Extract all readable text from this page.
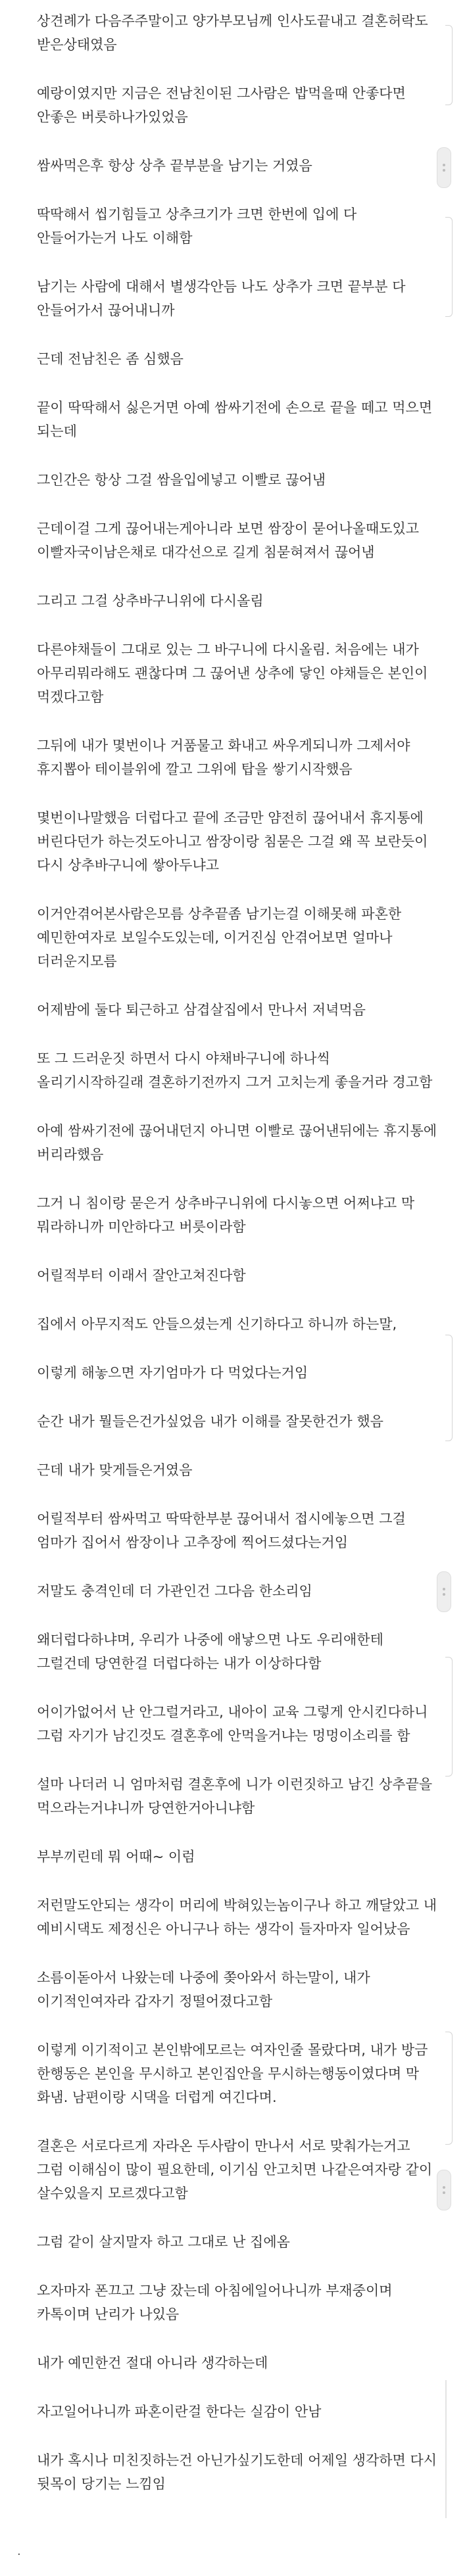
상견례가 다음주주말이고 양가부모님께 인사도끝내고 결혼허락도 받은상태였음

예랑이였지만 지금은 전남친이된 그사람은 밥먹을때 안좋다면 안좋은 버릇하나가있었음

쌈싸먹은후 항상 상추 끝부분을 남기는 거였음

딱딱해서 씹기힘들고 상추크기가 크면 한번에 입에 다 안들어가는거 나도 이해함

남기는 사람에 대해서 별생각안듬 나도 상추가 크면 끝부분 다 안들어가서 끊어내니까

근데 전남친은 좀 심했음

끝이 딱딱해서 싫은거면 아예 쌈싸기전에 손으로 끝을 떼고 먹으면 되는데

그인간은 항상 그걸 쌈을입에넣고 이빨로 끊어냄

근데이걸 그게 끊어내는게아니라 보면 쌈장이 묻어나올때도있고 이빨자국이남은채로 대각선으로 길게 침묻혀져서 끊어냄

그리고 그걸 상추바구니위에 다시올림

다른야채들이 그대로 있는 그 바구니에 다시올림. 처음에는 내가 아무리뭐라해도 괜찮다며 그 끊어낸 상추에 닿인 야채들은 본인이 먹겠다고함

그뒤에 내가 몇번이나 거품물고 화내고 싸우게되니까 그제서야 휴지뽑아 테이블위에 깔고 그위에 탑을 쌓기시작했음

몇번이나말했음 더럽다고 끝에 조금만 얌전히 끊어내서 휴지통에 버린다던가 하는것도아니고 쌈장이랑 침묻은 그걸 왜 꼭 보란듯이 다시 상추바구니에 쌓아두냐고

이거안겪어본사람은모름 상추끝좀 남기는걸 이해못해 파혼한 예민한여자로 보일수도있는데, 이거진심 안겪어보면 얼마나 더러운지모름

어제밤에 둘다 퇴근하고 삼겹살집에서 만나서 저녁먹음

또 그 드러운짓 하면서 다시 야채바구니에 하나씩 올리기시작하길래 결혼하기전까지 그거 고치는게 좋을거라 경고함

아예 쌈싸기전에 끊어내던지 아니면 이빨로 끊어낸뒤에는 휴지통에 버리라했음

그거 니 침이랑 묻은거 상추바구니위에 다시놓으면 어쩌냐고 막 뭐라하니까 미안하다고 버릇이라함

어릴적부터 이래서 잘안고쳐진다함

집에서 아무지적도 안들으셨는게 신기하다고 하니까 하는말,

이렇게 해놓으면 자기엄마가 다 먹었다는거임

순간 내가 뭘들은건가싶었음 내가 이해를 잘못한건가 했음

근데 내가 맞게들은거였음

어릴적부터 쌈싸먹고 딱딱한부분 끊어내서 접시에놓으면 그걸 엄마가 집어서 쌈장이나 고추장에 찍어드셨다는거임

저말도 충격인데 더 가관인건 그다음 한소리임

왜더럽다하냐며, 우리가 나중에 애낳으면 나도 우리애한테 그럴건데 당연한걸 더럽다하는 내가 이상하다함

어이가없어서 난 안그럴거라고, 내아이 교육 그렇게 안시킨다하니 그럼 자기가 남긴것도 결혼후에 안먹을거냐는 멍멍이소리를 함

설마 나더러 니 엄마처럼 결혼후에 니가 이런짓하고 남긴 상추끝을 먹으라는거냐니까 당연한거아니냐함

부부끼린데 뭐 어때~ 이럼

저런말도안되는 생각이 머리에 박혀있는놈이구나 하고 깨달았고 내 예비시댁도 제정신은 아니구나 하는 생각이 들자마자 일어났음

소름이돋아서 나왔는데 나중에 쫒아와서 하는말이, 내가 이기적인여자라 갑자기 정떨어졌다고함

이렇게 이기적이고 본인밖에모르는 여자인줄 몰랐다며, 내가 방금 한행동은 본인을 무시하고 본인집안을 무시하는행동이였다며 막 화냄. 남편이랑 시댁을 더럽게 여긴다며.

결혼은 서로다르게 자라온 두사람이 만나서 서로 맞춰가는거고 그럼 이해심이 많이 필요한데, 이기심 안고치면 나같은여자랑 같이 살수있을지 모르겠다고함

그럼 같이 살지말자 하고 그대로 난 집에옴

오자마자 폰끄고 그냥 잤는데 아침에일어나니까 부재중이며 카톡이며 난리가 나있음

내가 예민한건 절대 아니라 생각하는데

자고일어나니까 파혼이란걸 한다는 실감이 안남

내가 혹시나 미친짓하는건 아닌가싶기도한데 어제일 생각하면 다시 뒷목이 당기는 느낌임

.
